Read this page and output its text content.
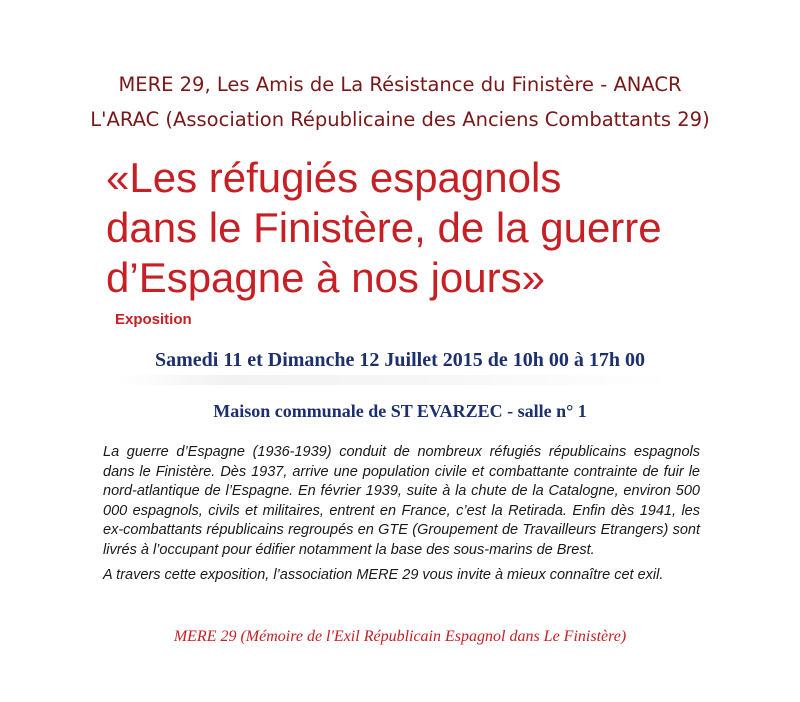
MERE 29, Les Amis de La Résistance du Finistère - ANACR
L'ARAC (Association Républicaine des Anciens Combattants 29)
«Les réfugiés espagnols
dans le Finistère, de la guerre
d’Espagne à nos jours»
Exposition
Samedi 11 et Dimanche 12 Juillet 2015 de 10h 00 à 17h 00
Maison communale de ST EVARZEC - salle n° 1

La guerre d’Espagne (1936-1939) conduit de nombreux réfugiés républicains espagnols dans le Finistère. Dès 1937, arrive une population civile et combattante contrainte de fuir le nord-atlantique de l’Espagne. En février 1939, suite à la chute de la Catalogne, environ 500 000 espagnols, civils et militaires, entrent en France, c’est la Retirada. Enfin dès 1941, les ex-combattants républicains regroupés en GTE (Groupement de Travailleurs Etrangers) sont livrés à l’occupant pour édifier notamment la base des sous-marins de Brest.

A travers cette exposition, l’association MERE 29 vous invite à mieux connaître cet exil.

MERE 29 (Mémoire de l'Exil Républicain Espagnol dans Le Finistère)
